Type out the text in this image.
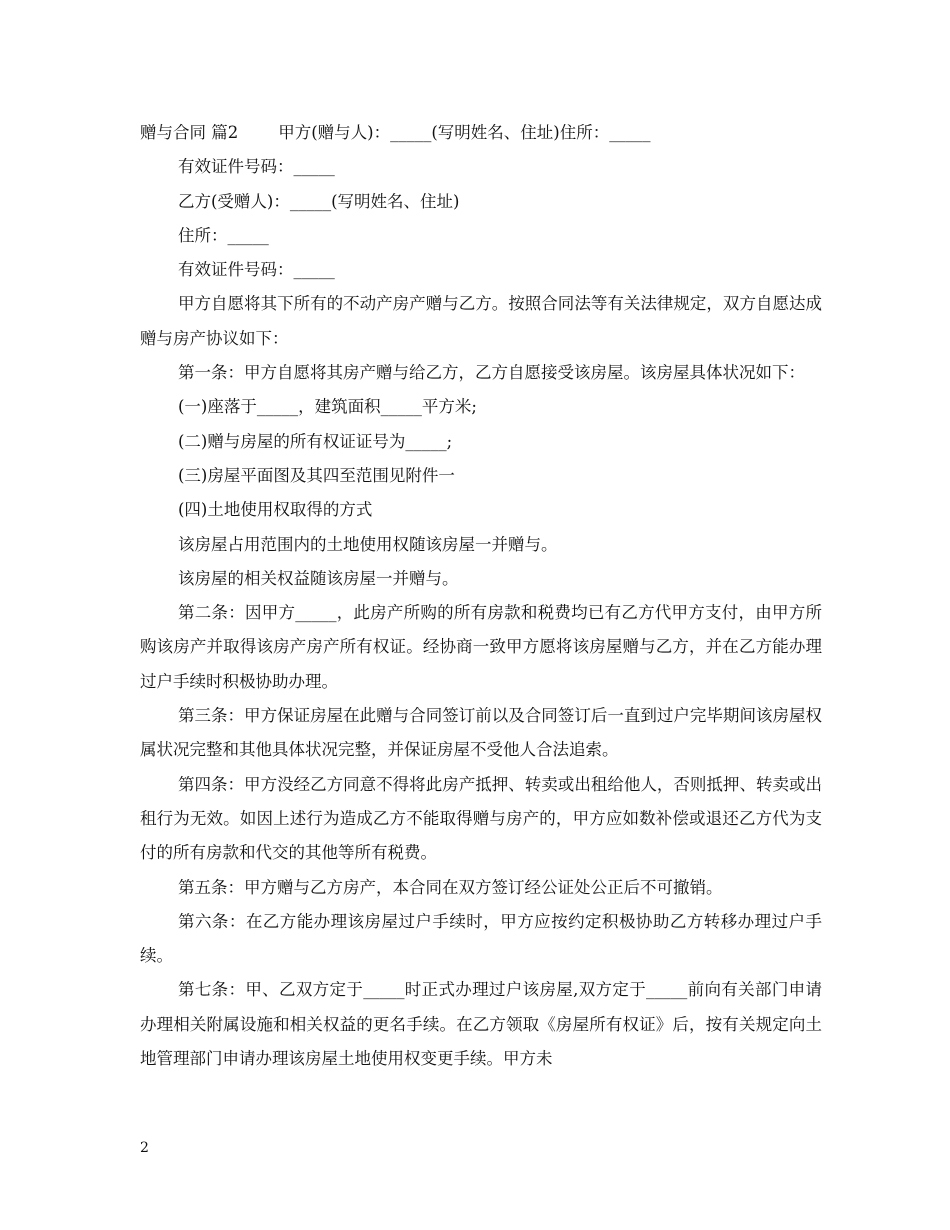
赠与合同 篇2 甲方(赠与人)：_____(写明姓名、住址)住所：_____

有效证件号码：_____

乙方(受赠人)：_____(写明姓名、住址)

住所：_____

有效证件号码：_____

甲方自愿将其下所有的不动产房产赠与乙方。按照合同法等有关法律规定，双方自愿达成赠与房产协议如下：

第一条：甲方自愿将其房产赠与给乙方，乙方自愿接受该房屋。该房屋具体状况如下：

(一)座落于_____，建筑面积_____平方米;

(二)赠与房屋的所有权证证号为_____;

(三)房屋平面图及其四至范围见附件一

(四)土地使用权取得的方式

该房屋占用范围内的土地使用权随该房屋一并赠与。

该房屋的相关权益随该房屋一并赠与。

第二条：因甲方_____，此房产所购的所有房款和税费均已有乙方代甲方支付，由甲方所购该房产并取得该房产房产所有权证。经协商一致甲方愿将该房屋赠与乙方，并在乙方能办理过户手续时积极协助办理。

第三条：甲方保证房屋在此赠与合同签订前以及合同签订后一直到过户完毕期间该房屋权属状况完整和其他具体状况完整，并保证房屋不受他人合法追索。

第四条：甲方没经乙方同意不得将此房产抵押、转卖或出租给他人，否则抵押、转卖或出租行为无效。如因上述行为造成乙方不能取得赠与房产的，甲方应如数补偿或退还乙方代为支付的所有房款和代交的其他等所有税费。

第五条：甲方赠与乙方房产，本合同在双方签订经公证处公正后不可撤销。

第六条：在乙方能办理该房屋过户手续时，甲方应按约定积极协助乙方转移办理过户手续。

第七条：甲、乙双方定于_____时正式办理过户该房屋,双方定于_____前向有关部门申请办理相关附属设施和相关权益的更名手续。在乙方领取《房屋所有权证》后，按有关规定向土地管理部门申请办理该房屋土地使用权变更手续。甲方未

2
